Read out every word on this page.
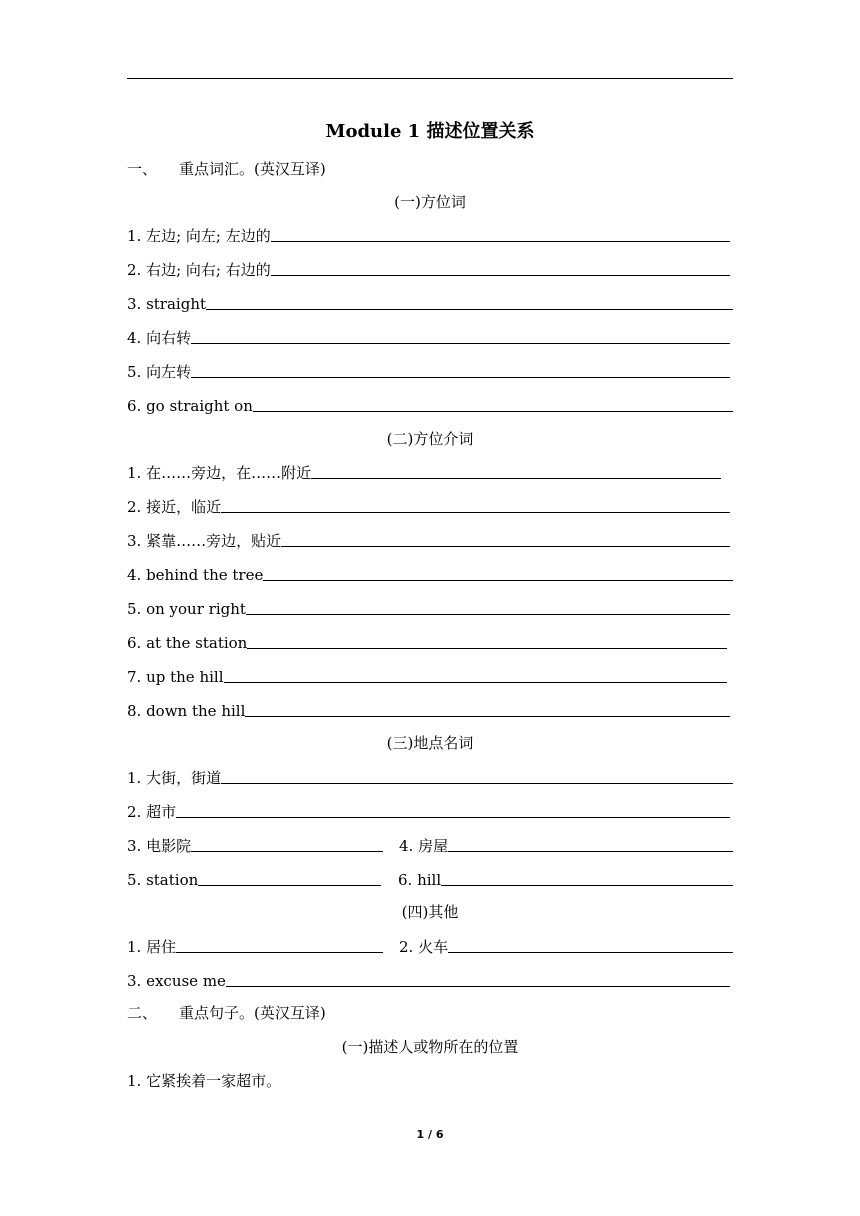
Module 1 描述位置关系
一、 重点词汇。(英汉互译)
(一)方位词
1. 左边; 向左; 左边的
2. 右边; 向右; 右边的
3. straight
4. 向右转
5. 向左转
6. go straight on
(二)方位介词
1. 在……旁边，在……附近
2. 接近，临近
3. 紧靠……旁边，贴近
4. behind the tree
5. on your right
6. at the station
7. up the hill
8. down the hill
(三)地点名词
1. 大街，街道
2. 超市
3. 电影院	4. 房屋
5. station	6. hill
(四)其他
1. 居住	2. 火车
3. excuse me
二、 重点句子。(英汉互译)
(一)描述人或物所在的位置
1. 它紧挨着一家超市。
1 / 6
